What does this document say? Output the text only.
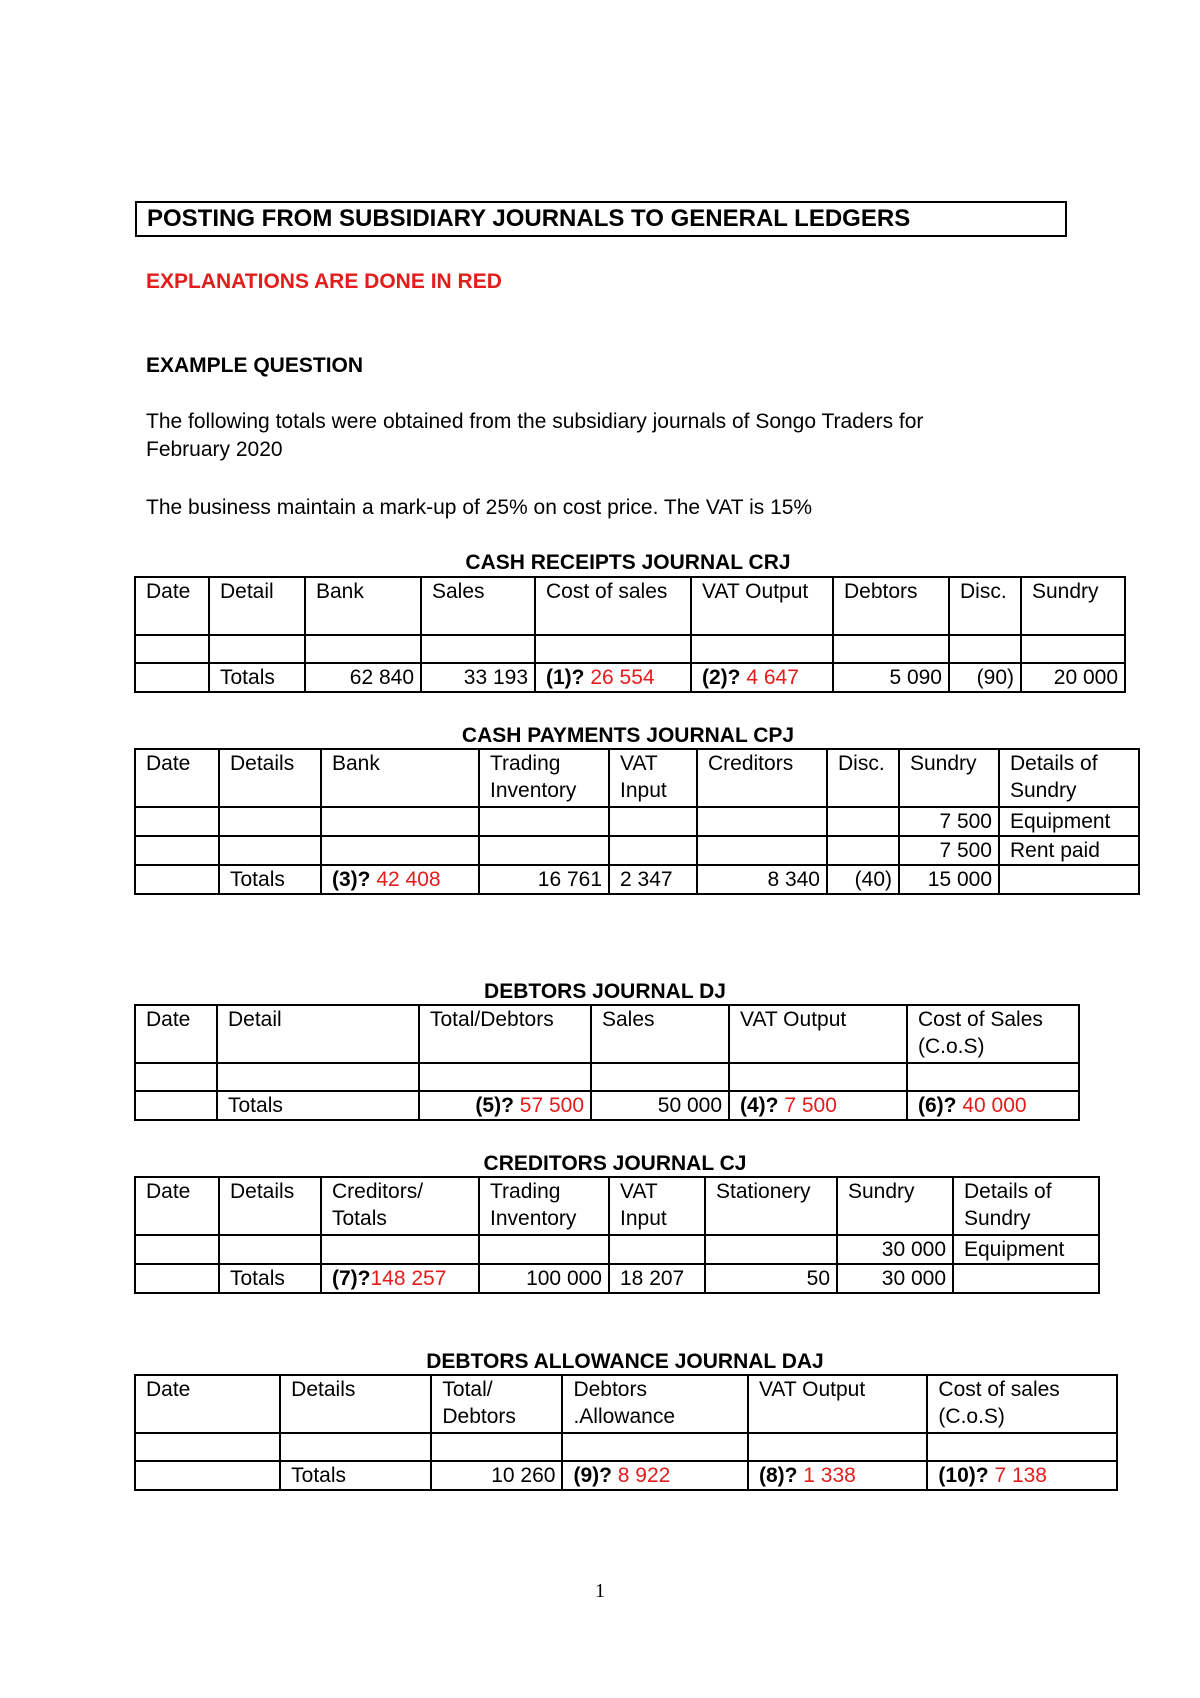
POSTING FROM SUBSIDIARY JOURNALS TO GENERAL LEDGERS
EXPLANATIONS ARE DONE IN RED
EXAMPLE QUESTION
The following totals were obtained from the subsidiary journals of Songo Traders for
February 2020
The business maintain a mark-up of 25% on cost price. The VAT is 15%
CASH RECEIPTS JOURNAL CRJ
Date	Detail	Bank	Sales	Cost of sales	VAT Output	Debtors	Disc.	Sundry

	Totals	62 840	33 193	(1)? 26 554	(2)? 4 647	5 090	(90)	20 000
CASH PAYMENTS JOURNAL CPJ
Date	Details	Bank	Trading Inventory	VAT Input	Creditors	Disc.	Sundry	Details of Sundry
							7 500	Equipment
							7 500	Rent paid
	Totals	(3)? 42 408	16 761	2 347	8 340	(40)	15 000	
DEBTORS JOURNAL DJ
Date	Detail	Total/Debtors	Sales	VAT Output	Cost of Sales (C.o.S)

	Totals	(5)? 57 500	50 000	(4)? 7 500	(6)? 40 000
CREDITORS JOURNAL CJ
Date	Details	Creditors/ Totals	Trading Inventory	VAT Input	Stationery	Sundry	Details of Sundry
						30 000	Equipment
	Totals	(7)?148 257	100 000	18 207	50	30 000	
DEBTORS ALLOWANCE JOURNAL DAJ
Date	Details	Total/ Debtors	Debtors .Allowance	VAT Output	Cost of sales (C.o.S)

	Totals	10 260	(9)? 8 922	(8)? 1 338	(10)? 7 138
1
